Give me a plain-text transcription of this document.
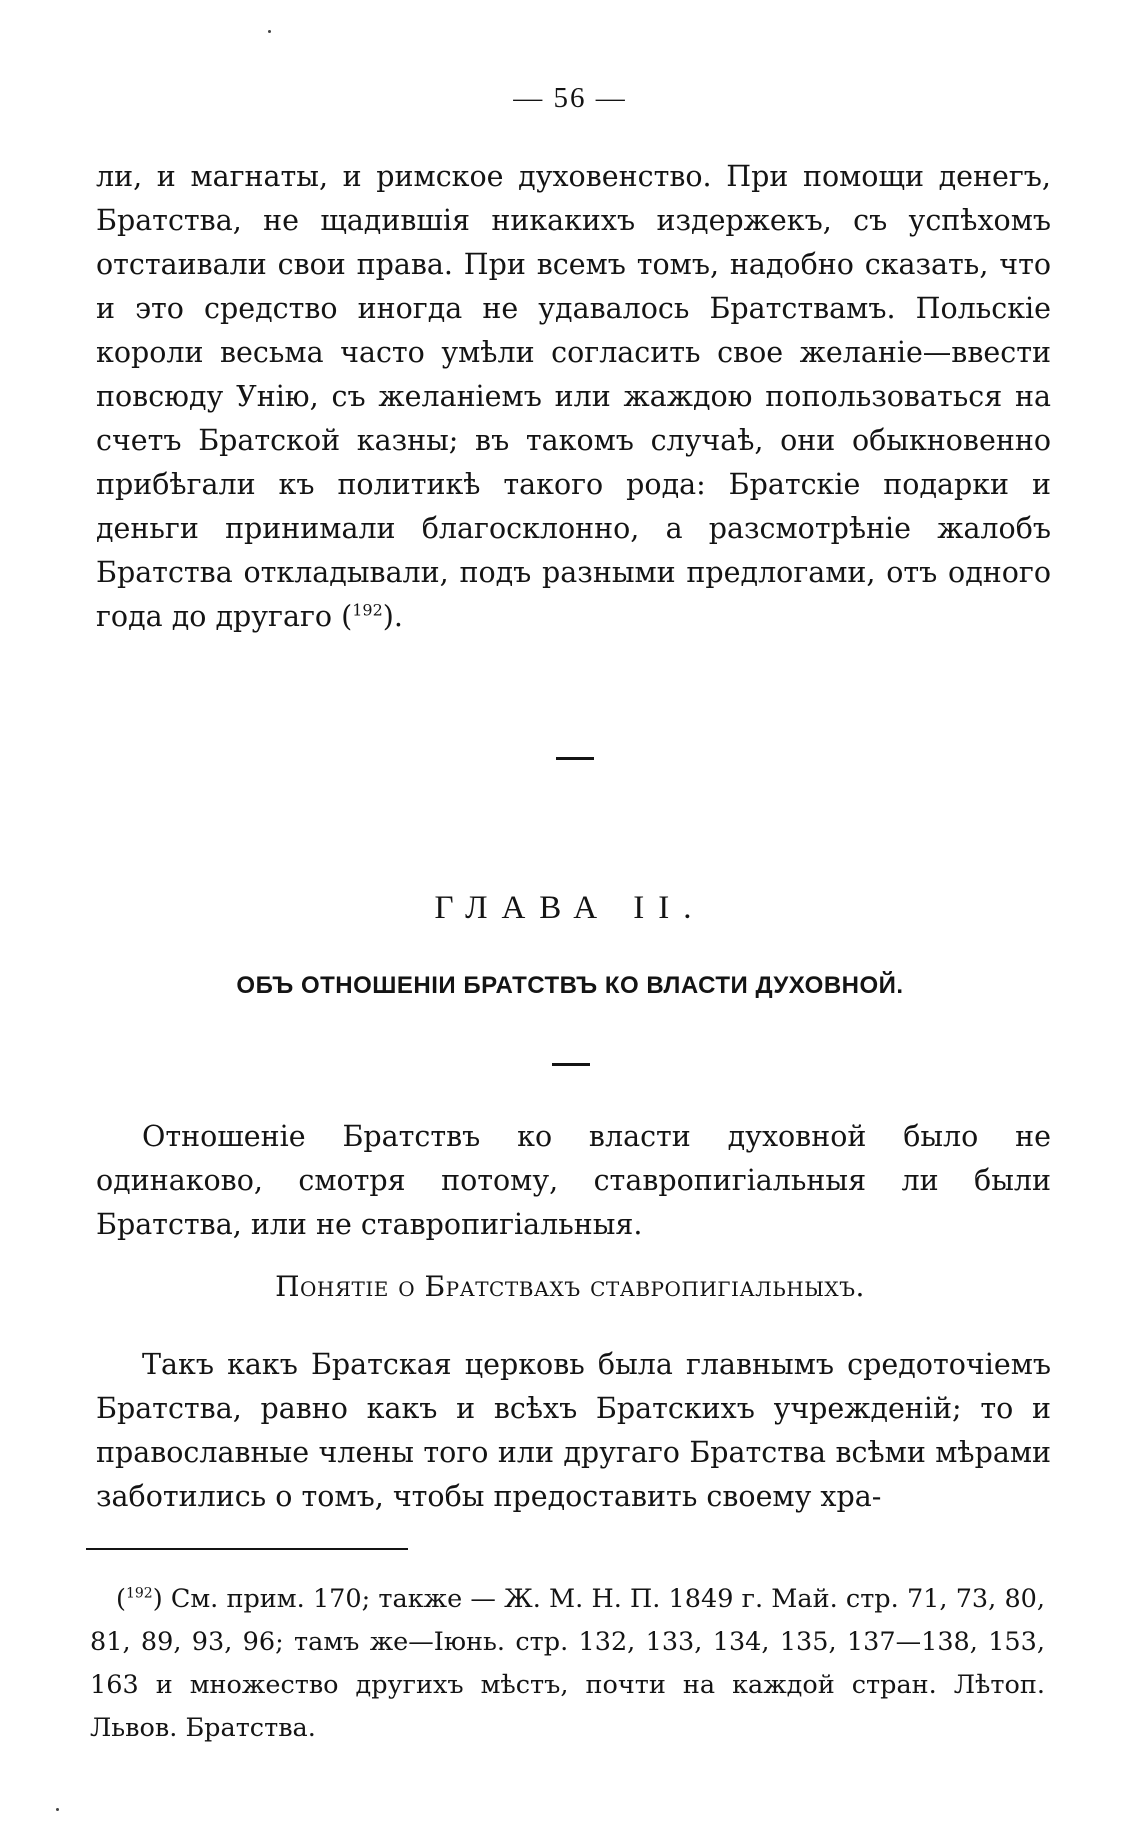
— 56 —

ли, и магнаты, и римское духовенство. При помощи денегъ, Братства, не щадившія никакихъ издержекъ, съ успѣхомъ отстаивали свои права. При всемъ томъ, надобно сказать, что и это средство иногда не удавалось Братствамъ. Польскіе короли весьма часто умѣли согласить свое желаніе—ввести повсюду Унію, съ желаніемъ или жаждою попользоваться на счетъ Братской казны; въ такомъ случаѣ, они обыкновенно прибѣгали къ политикѣ такого рода: Братскіе подарки и деньги принимали благосклонно, а разсмотрѣніе жалобъ Братства откладывали, подъ разными предлогами, отъ одного года до другаго ($^{192}$).

ГЛАВА II.
ОБЪ ОТНОШЕНІИ БРАТСТВЪ КО ВЛАСТИ ДУХОВНОЙ.

Отношеніе Братствъ ко власти духовной было не одинаково, смотря потому, ставропигіальныя ли были Братства, или не ставропигіальныя.

Понятіе о Братствахъ ставропигіальныхъ.

Такъ какъ Братская церковь была главнымъ средоточіемъ Братства, равно какъ и всѣхъ Братскихъ учрежденій; то и православные члены того или другаго Братства всѣми мѣрами заботились о томъ, чтобы предоставить своему хра-

($^{192}$) См. прим. 170; также — Ж. М. Н. П. 1849 г. Май. стр. 71, 73, 80, 81, 89, 93, 96; тамъ же—Іюнь. стр. 132, 133, 134, 135, 137—138, 153, 163 и множество другихъ мѣстъ, почти на каждой стран. Лѣтоп. Львов. Братства.
